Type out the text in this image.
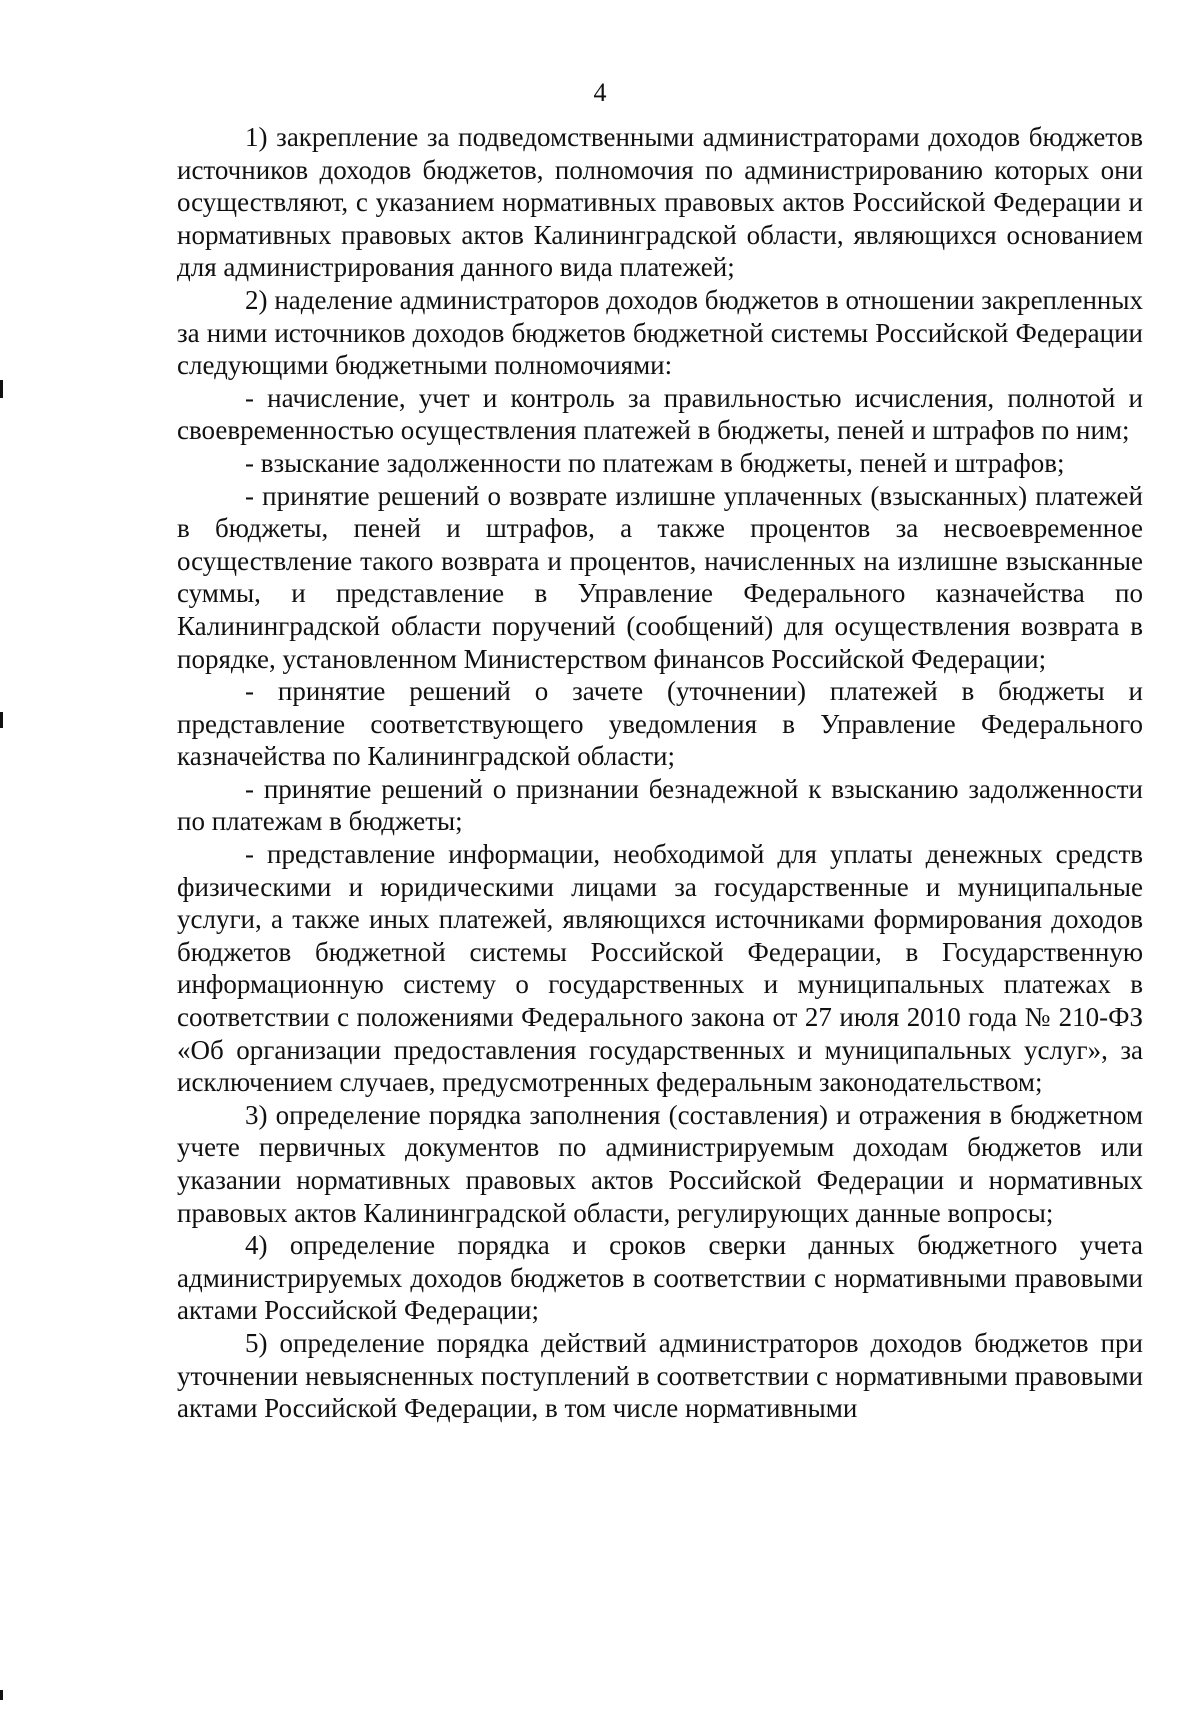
4

1) закрепление за подведомственными администраторами доходов бюджетов источников доходов бюджетов, полномочия по администрированию которых они осуществляют, с указанием нормативных правовых актов Российской Федерации и нормативных правовых актов Калининградской области, являющихся основанием для администрирования данного вида платежей;

2) наделение администраторов доходов бюджетов в отношении закрепленных за ними источников доходов бюджетов бюджетной системы Российской Федерации следующими бюджетными полномочиями:

- начисление, учет и контроль за правильностью исчисления, полнотой и своевременностью осуществления платежей в бюджеты, пеней и штрафов по ним;

- взыскание задолженности по платежам в бюджеты, пеней и штрафов;

- принятие решений о возврате излишне уплаченных (взысканных) платежей в бюджеты, пеней и штрафов, а также процентов за несвоевременное осуществление такого возврата и процентов, начисленных на излишне взысканные суммы, и представление в Управление Федерального казначейства по Калининградской области поручений (сообщений) для осуществления возврата в порядке, установленном Министерством финансов Российской Федерации;

- принятие решений о зачете (уточнении) платежей в бюджеты и представление соответствующего уведомления в Управление Федерального казначейства по Калининградской области;

- принятие решений о признании безнадежной к взысканию задолженности по платежам в бюджеты;

- представление информации, необходимой для уплаты денежных средств физическими и юридическими лицами за государственные и муниципальные услуги, а также иных платежей, являющихся источниками формирования доходов бюджетов бюджетной системы Российской Федерации, в Государственную информационную систему о государственных и муниципальных платежах в соответствии с положениями Федерального закона от 27 июля 2010 года № 210-ФЗ «Об организации предоставления государственных и муниципальных услуг», за исключением случаев, предусмотренных федеральным законодательством;

3) определение порядка заполнения (составления) и отражения в бюджетном учете первичных документов по администрируемым доходам бюджетов или указании нормативных правовых актов Российской Федерации и нормативных правовых актов Калининградской области, регулирующих данные вопросы;

4) определение порядка и сроков сверки данных бюджетного учета администрируемых доходов бюджетов в соответствии с нормативными правовыми актами Российской Федерации;

5) определение порядка действий администраторов доходов бюджетов при уточнении невыясненных поступлений в соответствии с нормативными правовыми актами Российской Федерации, в том числе нормативными
